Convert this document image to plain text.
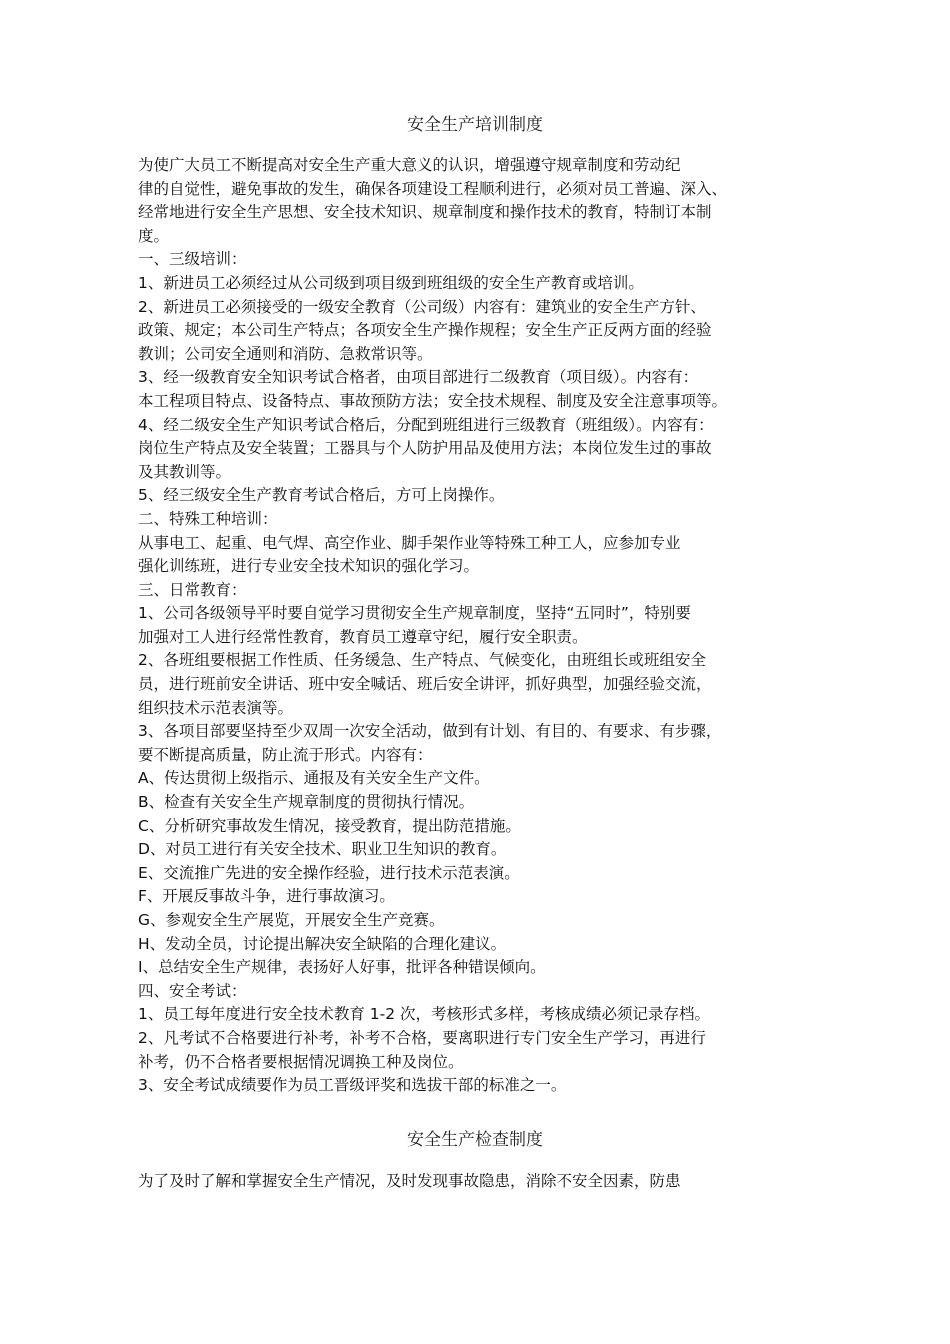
安全生产培训制度

为使广大员工不断提高对安全生产重大意义的认识，增强遵守规章制度和劳动纪

律的自觉性，避免事故的发生，确保各项建设工程顺利进行，必须对员工普遍、深入、

经常地进行安全生产思想、安全技术知识、规章制度和操作技术的教育，特制订本制

度。

一、三级培训：

1、新进员工必须经过从公司级到项目级到班组级的安全生产教育或培训。

2、新进员工必须接受的一级安全教育（公司级）内容有：建筑业的安全生产方针、

政策、规定；本公司生产特点；各项安全生产操作规程；安全生产正反两方面的经验

教训；公司安全通则和消防、急救常识等。

3、经一级教育安全知识考试合格者，由项目部进行二级教育（项目级）。内容有：

本工程项目特点、设备特点、事故预防方法；安全技术规程、制度及安全注意事项等。

4、经二级安全生产知识考试合格后，分配到班组进行三级教育（班组级）。内容有：

岗位生产特点及安全装置；工器具与个人防护用品及使用方法；本岗位发生过的事故

及其教训等。

5、经三级安全生产教育考试合格后，方可上岗操作。

二、特殊工种培训：

从事电工、起重、电气焊、高空作业、脚手架作业等特殊工种工人，应参加专业

强化训练班，进行专业安全技术知识的强化学习。

三、日常教育：

1、公司各级领导平时要自觉学习贯彻安全生产规章制度，坚持“五同时”，特别要

加强对工人进行经常性教育，教育员工遵章守纪，履行安全职责。

2、各班组要根据工作性质、任务缓急、生产特点、气候变化，由班组长或班组安全

员，进行班前安全讲话、班中安全喊话、班后安全讲评，抓好典型，加强经验交流，

组织技术示范表演等。

3、各项目部要坚持至少双周一次安全活动，做到有计划、有目的、有要求、有步骤，

要不断提高质量，防止流于形式。内容有：

A、传达贯彻上级指示、通报及有关安全生产文件。

B、检查有关安全生产规章制度的贯彻执行情况。

C、分析研究事故发生情况，接受教育，提出防范措施。

D、对员工进行有关安全技术、职业卫生知识的教育。

E、交流推广先进的安全操作经验，进行技术示范表演。

F、开展反事故斗争，进行事故演习。

G、参观安全生产展览，开展安全生产竞赛。

H、发动全员，讨论提出解决安全缺陷的合理化建议。

I、总结安全生产规律，表扬好人好事，批评各种错误倾向。

四、安全考试：

1、员工每年度进行安全技术教育 1-2 次，考核形式多样，考核成绩必须记录存档。

2、凡考试不合格要进行补考，补考不合格，要离职进行专门安全生产学习，再进行

补考，仍不合格者要根据情况调换工种及岗位。

3、安全考试成绩要作为员工晋级评奖和选拔干部的标准之一。

安全生产检查制度

为了及时了解和掌握安全生产情况，及时发现事故隐患，消除不安全因素，防患
